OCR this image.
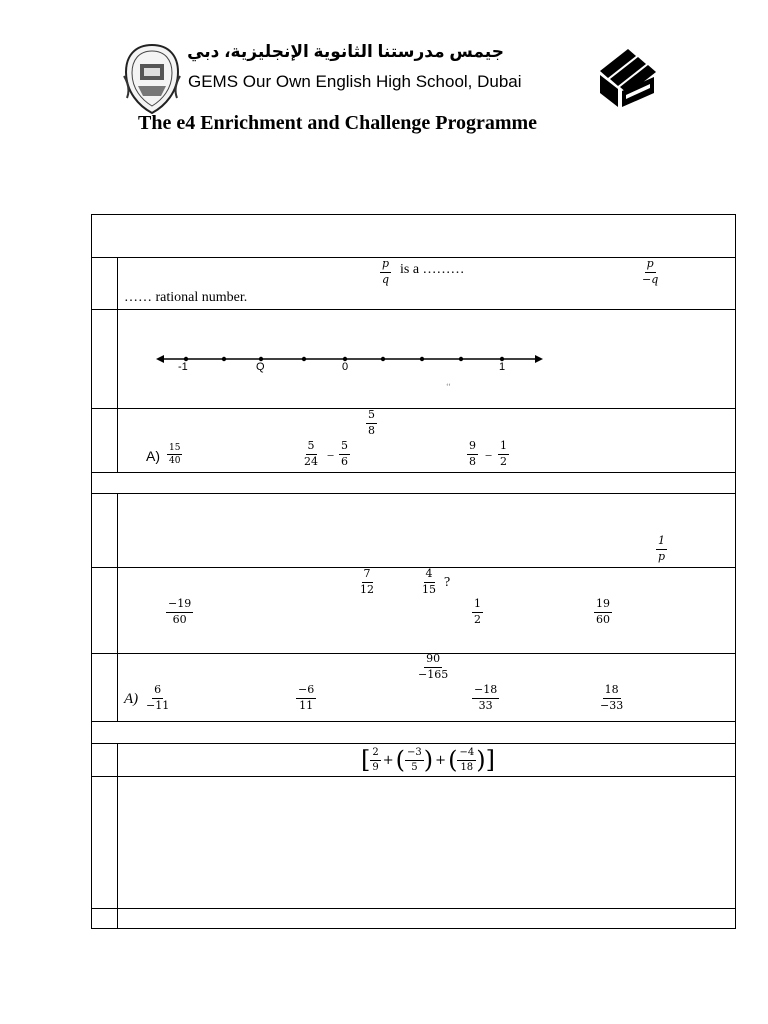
جيمس مدرستنا الثانوية الإنجليزية، دبي
GEMS Our Own English High School, Dubai
The e4 Enrichment and Challenge Programme
$\frac{p}{q}$ is a ………	$\frac{p}{-q}$
…… rational number.
-1	Q	0	1
‘‘
$\frac{5}{8}$
$A) \frac{15}{40}$	$\frac{5}{24} - \frac{5}{6}$	$\frac{9}{8} - \frac{1}{2}$
$\frac{1}{p}$
$\frac{7}{12}$	$\frac{4}{15}$ ?
$\frac{-19}{60}$	$\frac{1}{2}$	$\frac{19}{60}$
$\frac{90}{-165}$
$A) \frac{6}{-11}$	$\frac{-6}{11}$	$\frac{-18}{33}$	$\frac{18}{-33}$
[ $\frac{2}{9}$ + ( $\frac{-3}{5}$ ) + ( $\frac{-4}{18}$ ) ]
